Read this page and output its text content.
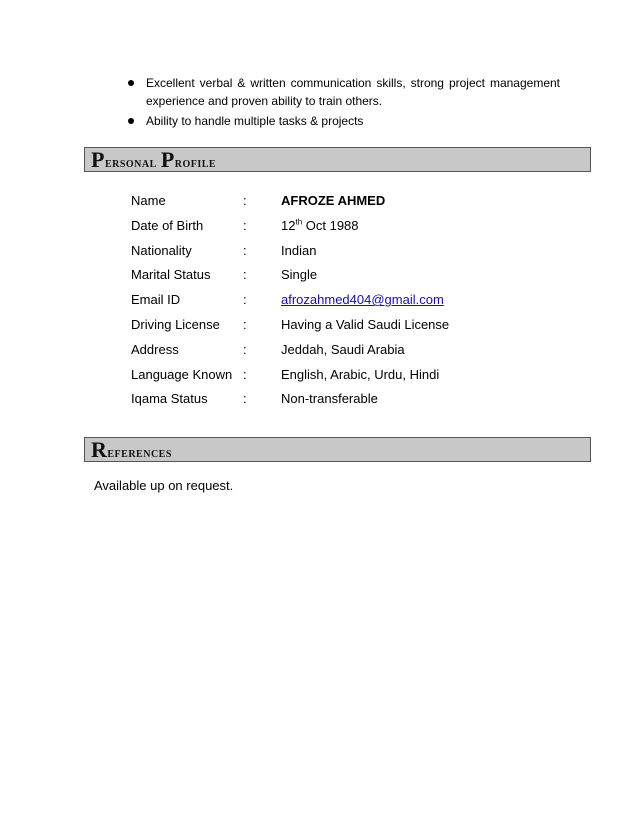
Excellent verbal & written communication skills, strong project management experience and proven ability to train others.
Ability to handle multiple tasks & projects
Personal Profile
Name	:	AFROZE AHMED
Date of Birth	:	12th Oct 1988
Nationality	:	Indian
Marital Status	:	Single
Email ID	:	afrozahmed404@gmail.com
Driving License :	Having a Valid Saudi License
Address	:	Jeddah, Saudi Arabia
Language Known :	English, Arabic, Urdu, Hindi
Iqama Status	:	Non-transferable
References
Available up on request.
